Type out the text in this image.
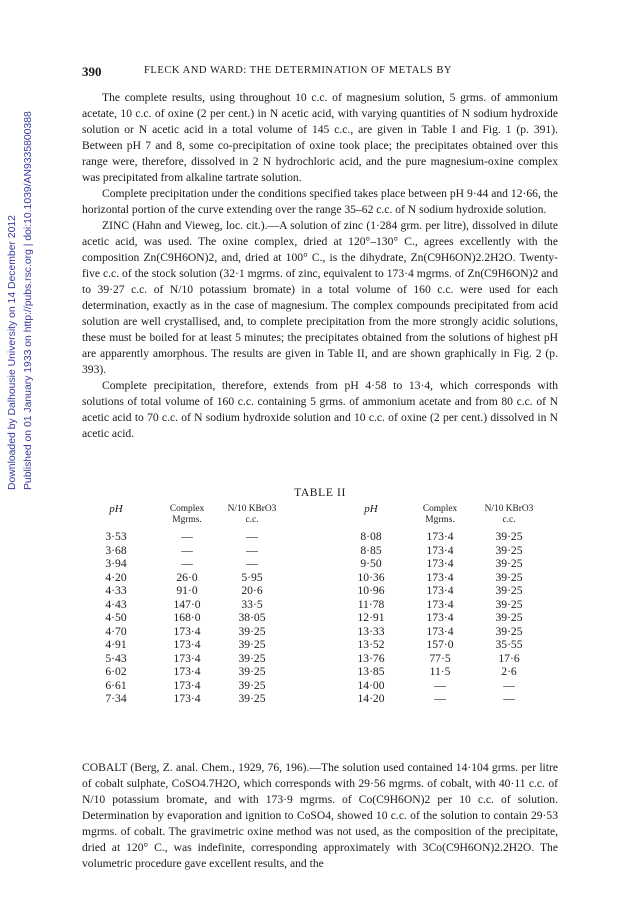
Downloaded by Dalhousie University on 14 December 2012 Published on 01 January 1933 on http://pubs.rsc.org | doi:10.1039/AN9335800388
390	FLECK AND WARD: THE DETERMINATION OF METALS BY

The complete results, using throughout 10 c.c. of magnesium solution, 5 grms. of ammonium acetate, 10 c.c. of oxine (2 per cent.) in N acetic acid, with varying quantities of N sodium hydroxide solution or N acetic acid in a total volume of 145 c.c., are given in Table I and Fig. 1 (p. 391). Between pH 7 and 8, some co-precipitation of oxine took place; the precipitates obtained over this range were, therefore, dissolved in 2 N hydrochloric acid, and the pure magnesium-oxine complex was precipitated from alkaline tartrate solution.

Complete precipitation under the conditions specified takes place between pH 9·44 and 12·66, the horizontal portion of the curve extending over the range 35–62 c.c. of N sodium hydroxide solution.

ZINC (Hahn and Vieweg, loc. cit.).—A solution of zinc (1·284 grm. per litre), dissolved in dilute acetic acid, was used. The oxine complex, dried at 120°–130° C., agrees excellently with the composition Zn(C9H6ON)2, and, dried at 100° C., is the dihydrate, Zn(C9H6ON)2.2H2O. Twenty-five c.c. of the stock solution (32·1 mgrms. of zinc, equivalent to 173·4 mgrms. of Zn(C9H6ON)2 and to 39·27 c.c. of N/10 potassium bromate) in a total volume of 160 c.c. were used for each determination, exactly as in the case of magnesium. The complex compounds precipitated from acid solution are well crystallised, and, to complete precipitation from the more strongly acidic solutions, these must be boiled for at least 5 minutes; the precipitates obtained from the solutions of highest pH are apparently amorphous. The results are given in Table II, and are shown graphically in Fig. 2 (p. 393).

Complete precipitation, therefore, extends from pH 4·58 to 13·4, which corresponds with solutions of total volume of 160 c.c. containing 5 grms. of ammonium acetate and from 80 c.c. of N acetic acid to 70 c.c. of N sodium hydroxide solution and 10 c.c. of oxine (2 per cent.) dissolved in N acetic acid.

TABLE II
pH	Complex
Mgrms.
N/10 KBrO3
c.c.
pH	Complex
Mgrms.
N/10 KBrO3
c.c.
3·53	—	—	8·08	173·4	39·25
3·68	—	—	8·85	173·4	39·25
3·94	—	—	9·50	173·4	39·25
4·20	26·0	5·95	10·36	173·4	39·25
4·33	91·0	20·6	10·96	173·4	39·25
4·43	147·0	33·5	11·78	173·4	39·25
4·50	168·0	38·05	12·91	173·4	39·25
4·70	173·4	39·25	13·33	173·4	39·25
4·91	173·4	39·25	13·52	157·0	35·55
5·43	173·4	39·25	13·76	77·5	17·6
6·02	173·4	39·25	13·85	11·5	2·6
6·61	173·4	39·25	14·00	—	—
7·34	173·4	39·25	14·20	—	—

COBALT (Berg, Z. anal. Chem., 1929, 76, 196).—The solution used contained 14·104 grms. per litre of cobalt sulphate, CoSO4.7H2O, which corresponds with 29·56 mgrms. of cobalt, with 40·11 c.c. of N/10 potassium bromate, and with 173·9 mgrms. of Co(C9H6ON)2 per 10 c.c. of solution. Determination by evaporation and ignition to CoSO4, showed 10 c.c. of the solution to contain 29·53 mgrms. of cobalt. The gravimetric oxine method was not used, as the composition of the precipitate, dried at 120° C., was indefinite, corresponding approximately with 3Co(C9H6ON)2.2H2O. The volumetric procedure gave excellent results, and the
